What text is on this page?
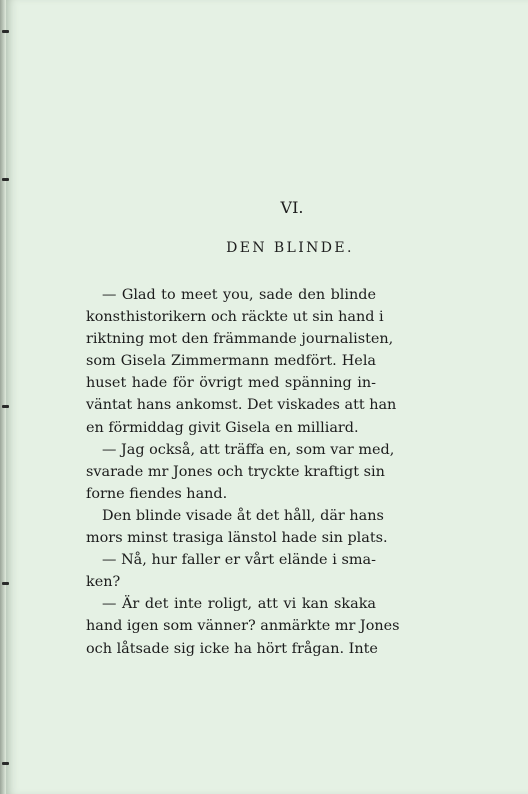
VI.
DEN BLINDE.
— Glad to meet you, sade den blinde
konsthistorikern och räckte ut sin hand i
riktning mot den främmande journalisten,
som Gisela Zimmermann medfört. Hela
huset hade för övrigt med spänning in-
väntat hans ankomst. Det viskades att han
en förmiddag givit Gisela en milliard.
— Jag också, att träffa en, som var med,
svarade mr Jones och tryckte kraftigt sin
forne fiendes hand.
Den blinde visade åt det håll, där hans
mors minst trasiga länstol hade sin plats.
— Nå, hur faller er vårt elände i sma-
ken?
— Är det inte roligt, att vi kan skaka
hand igen som vänner? anmärkte mr Jones
och låtsade sig icke ha hört frågan. Inte
